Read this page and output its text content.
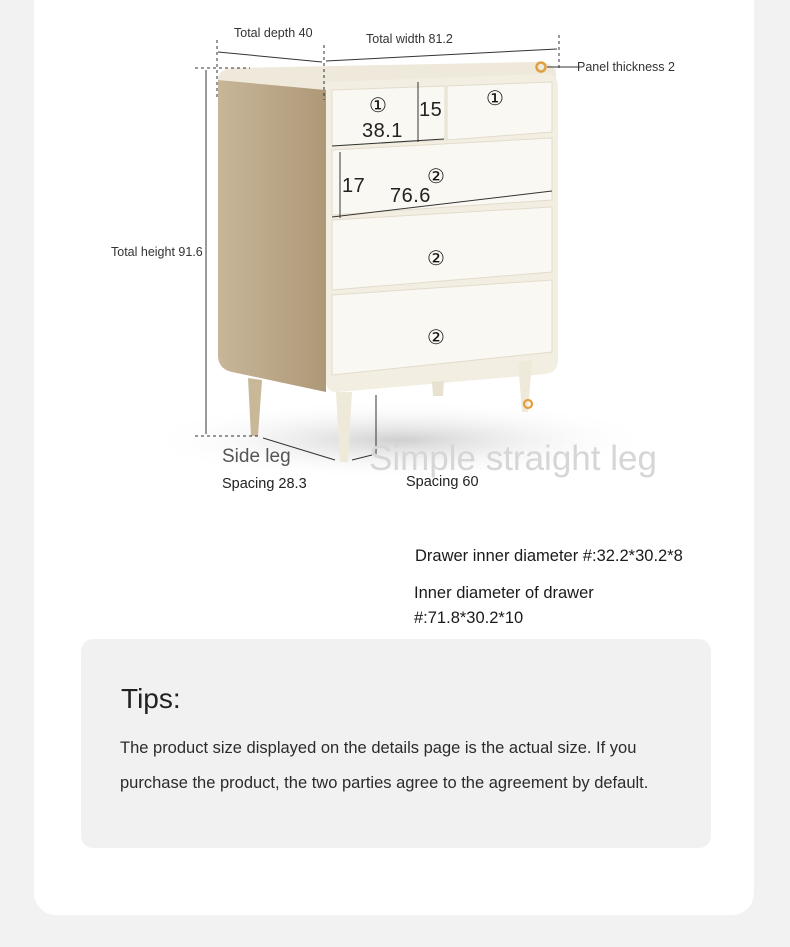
Total depth 40	Total width 81.2
Panel thickness 2
Total height 91.6
38.1
15
76.6
17
①	①
②
②
②
Side leg Simple straight leg
Spacing 28.3	Spacing 60
Drawer inner diameter #:32.2*30.2*8
Inner diameter of drawer
#:71.8*30.2*10
Tips:
The product size displayed on the details page is the actual size. If you purchase the product, the two parties agree to the agreement by default.
